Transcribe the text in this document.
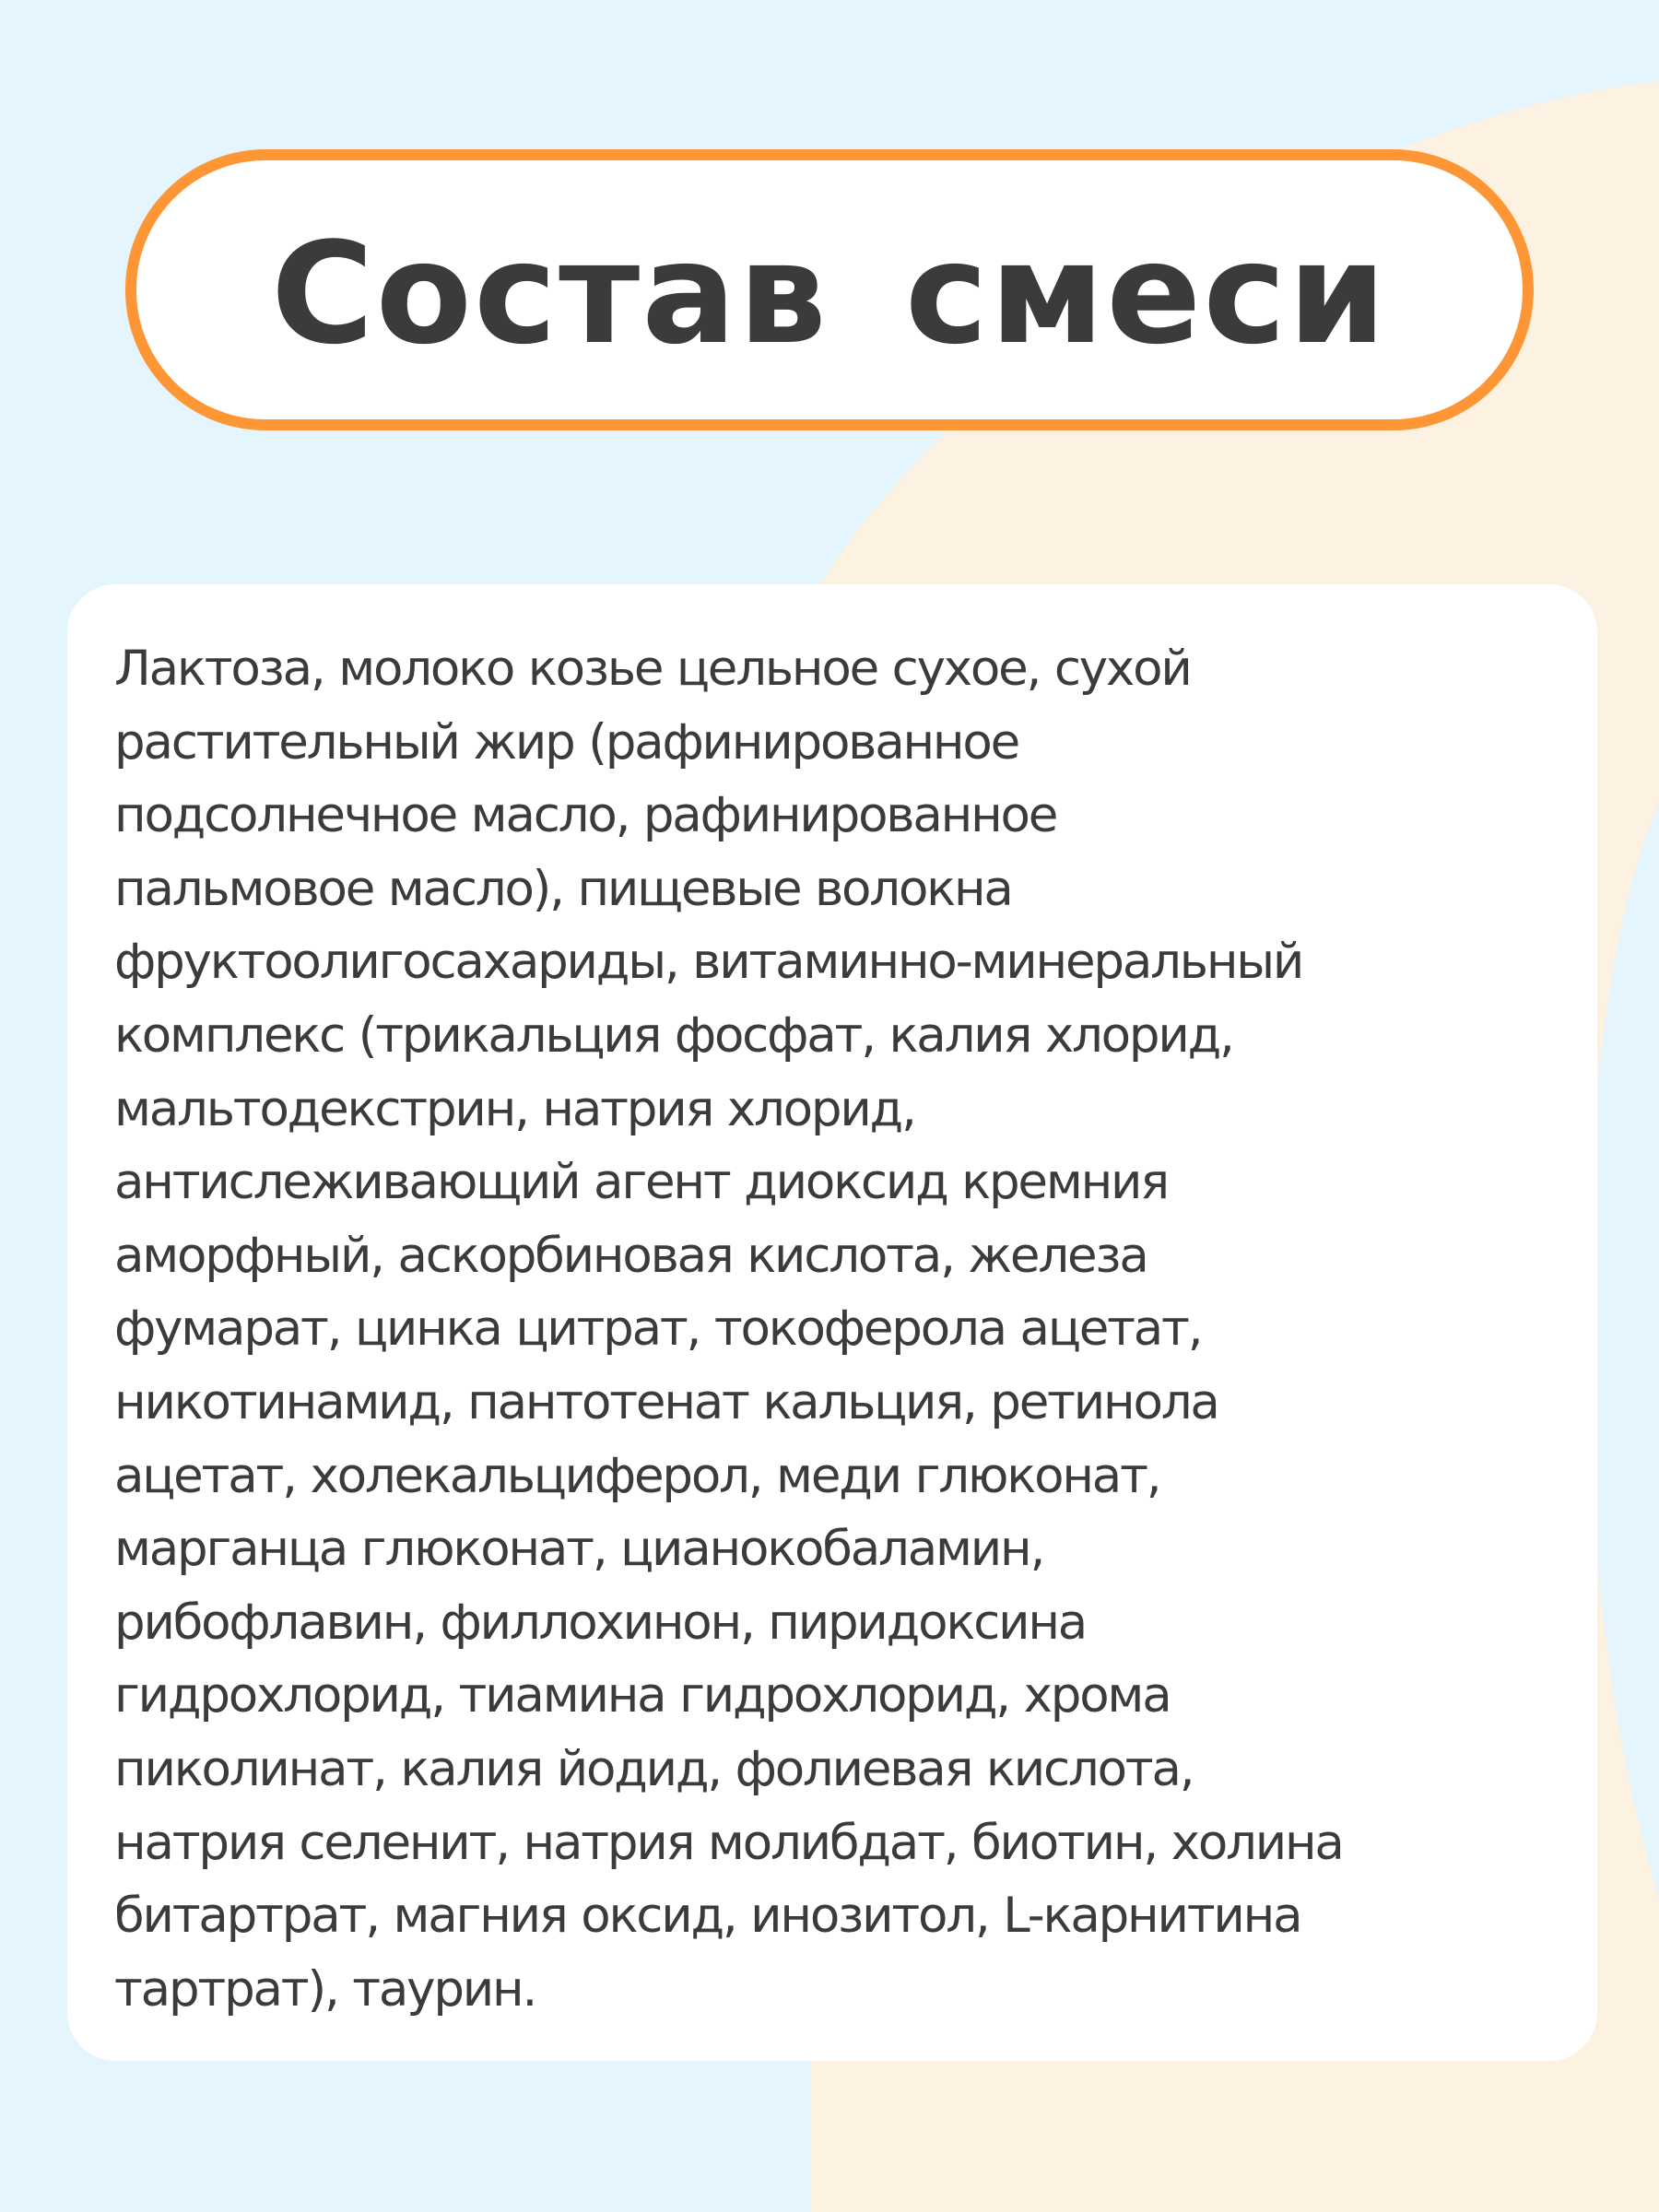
Состав смеси
Лактоза, молоко козье цельное сухое, сухой
растительный жир (рафинированное
подсолнечное масло, рафинированное
пальмовое масло), пищевые волокна
фруктоолигосахариды, витаминно-минеральный
комплекс (трикальция фосфат, калия хлорид,
мальтодекстрин, натрия хлорид,
антислеживающий агент диоксид кремния
аморфный, аскорбиновая кислота, железа
фумарат, цинка цитрат, токоферола ацетат,
никотинамид, пантотенат кальция, ретинола
ацетат, холекальциферол, меди глюконат,
марганца глюконат, цианокобаламин,
рибофлавин, филлохинон, пиридоксина
гидрохлорид, тиамина гидрохлорид, хрома
пиколинат, калия йодид, фолиевая кислота,
натрия селенит, натрия молибдат, биотин, холина
битартрат, магния оксид, инозитол, L-карнитина
тартрат), таурин.
